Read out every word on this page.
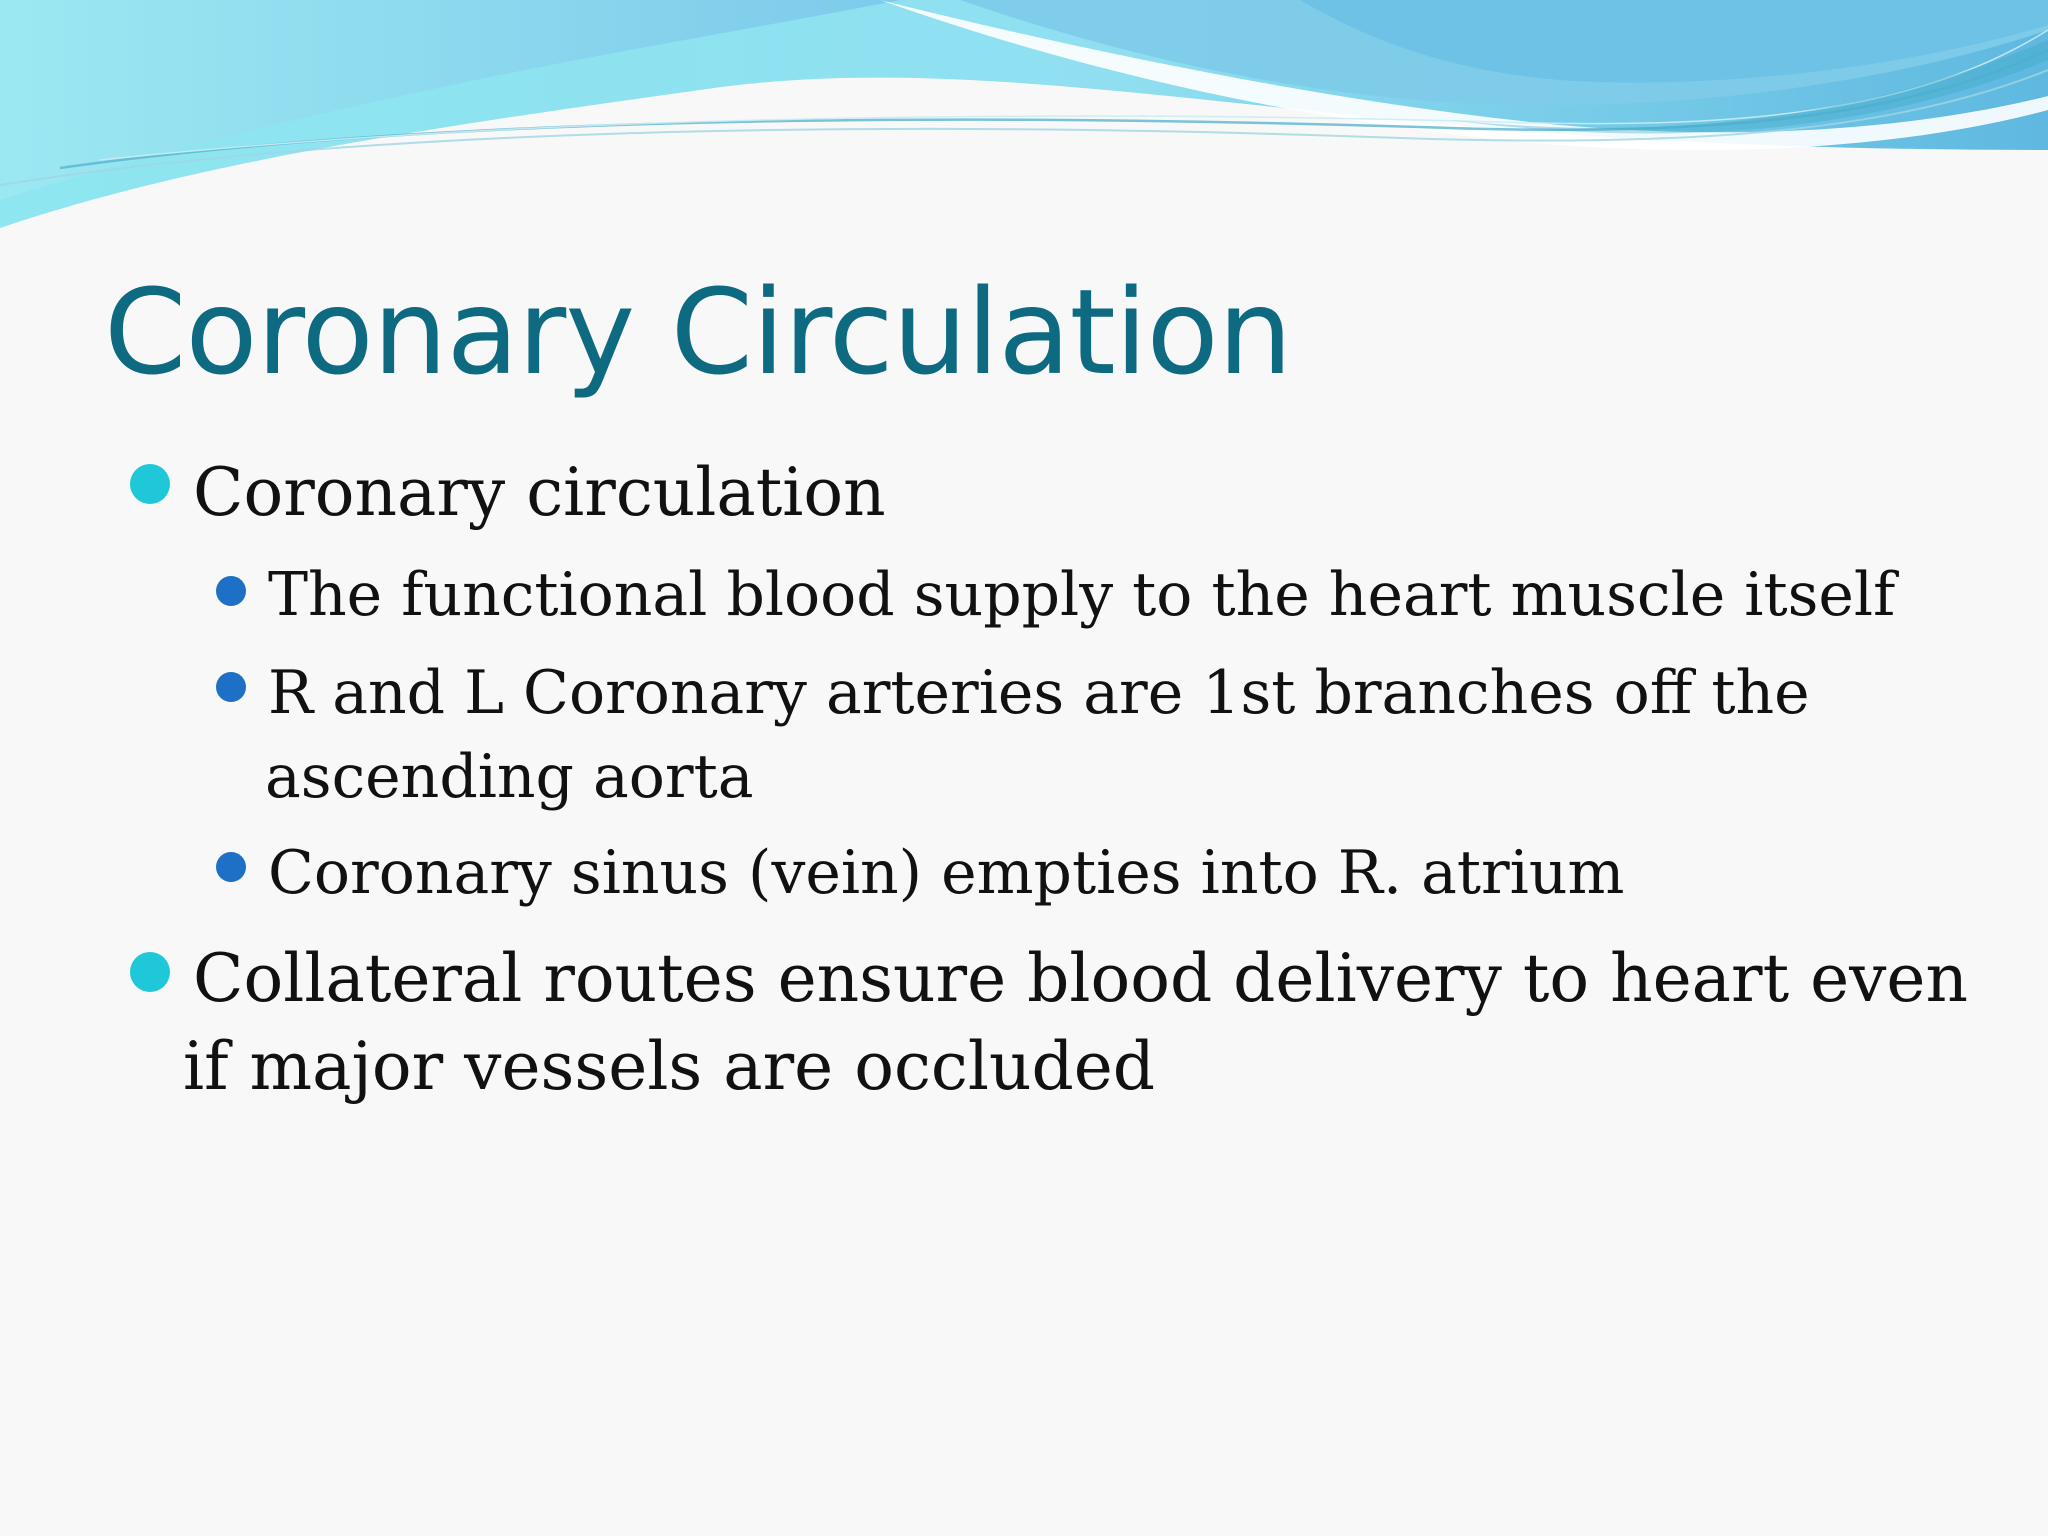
Coronary Circulation
Coronary circulation
The functional blood supply to the heart muscle itself
R and L Coronary arteries are 1st branches off the
ascending aorta
Coronary sinus (vein) empties into R. atrium
Collateral routes ensure blood delivery to heart even
if major vessels are occluded
